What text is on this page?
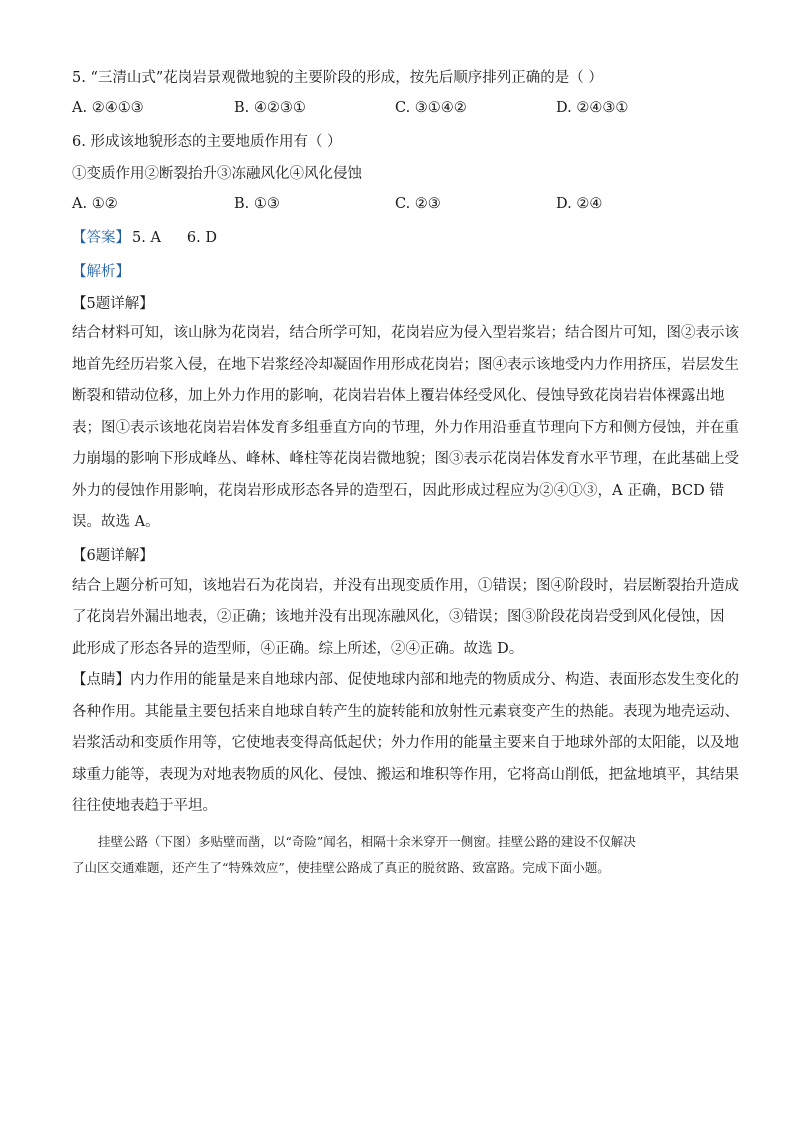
5. “三清山式”花岗岩景观微地貌的主要阶段的形成，按先后顺序排列正确的是（ ）
A. ②④①③	B. ④②③①	C. ③①④②	D. ②④③①
6. 形成该地貌形态的主要地质作用有（ ）
①变质作用②断裂抬升③冻融风化④风化侵蚀
A. ①②	B. ①③	C. ②③	D. ②④
【答案】 5. A 6. D
【解析】
【5题详解】
结合材料可知，该山脉为花岗岩，结合所学可知，花岗岩应为侵入型岩浆岩；结合图片可知，图②表示该
地首先经历岩浆入侵，在地下岩浆经冷却凝固作用形成花岗岩；图④表示该地受内力作用挤压，岩层发生
断裂和错动位移，加上外力作用的影响，花岗岩岩体上覆岩体经受风化、侵蚀导致花岗岩岩体裸露出地
表；图①表示该地花岗岩岩体发育多组垂直方向的节理，外力作用沿垂直节理向下方和侧方侵蚀，并在重
力崩塌的影响下形成峰丛、峰林、峰柱等花岗岩微地貌；图③表示花岗岩体发育水平节理，在此基础上受
外力的侵蚀作用影响，花岗岩形成形态各异的造型石，因此形成过程应为②④①③，A 正确，BCD 错
误。故选 A。
【6题详解】
结合上题分析可知，该地岩石为花岗岩，并没有出现变质作用，①错误；图④阶段时，岩层断裂抬升造成
了花岗岩外漏出地表，②正确；该地并没有出现冻融风化，③错误；图③阶段花岗岩受到风化侵蚀，因
此形成了形态各异的造型师，④正确。综上所述，②④正确。故选 D。
【点睛】内力作用的能量是来自地球内部、促使地球内部和地壳的物质成分、构造、表面形态发生变化的
各种作用。其能量主要包括来自地球自转产生的旋转能和放射性元素衰变产生的热能。表现为地壳运动、
岩浆活动和变质作用等，它使地表变得高低起伏；外力作用的能量主要来自于地球外部的太阳能，以及地
球重力能等，表现为对地表物质的风化、侵蚀、搬运和堆积等作用，它将高山削低，把盆地填平，其结果
往往使地表趋于平坦。
挂壁公路（下图）多贴壁而凿，以“奇险”闻名，相隔十余米穿开一侧窗。挂壁公路的建设不仅解决
了山区交通难题，还产生了“特殊效应”，使挂壁公路成了真正的脱贫路、致富路。完成下面小题。
